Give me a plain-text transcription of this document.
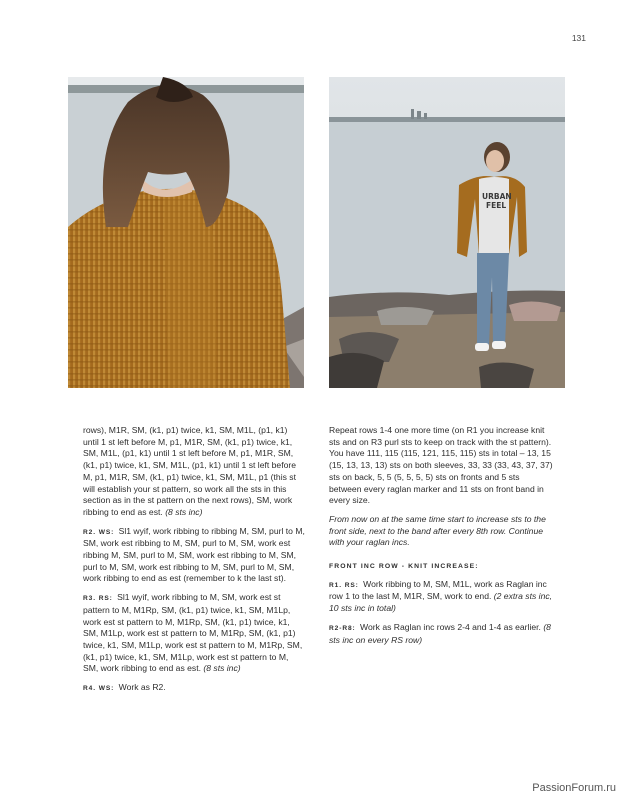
131
URBAN
FEEL

rows), M1R, SM, (k1, p1) twice, k1, SM, M1L, (p1, k1) until 1 st left before M, p1, M1R, SM, (k1, p1) twice, k1, SM, M1L, (p1, k1) until 1 st left before M, p1, M1R, SM, (k1, p1) twice, k1, SM, M1L, (p1, k1) until 1 st left before M, p1, M1R, SM, (k1, p1) twice, k1, SM, M1L, p1 (this st will establish your st pattern, so work all the sts in this section as in the st pattern on the next rows), SM, work ribbing to end as est. (8 sts inc)

R2. WS: Sl1 wyif, work ribbing to ribbing M, SM, purl to M, SM, work est ribbing to M, SM, purl to M, SM, work est ribbing M, SM, purl to M, SM, work est ribbing to M, SM, purl to M, SM, work est ribbing to M, SM, purl to M, SM, work ribbing to end as est (remember to k the last st).

R3. RS: Sl1 wyif, work ribbing to M, SM, work est st pattern to M, M1Rp, SM, (k1, p1) twice, k1, SM, M1Lp, work est st pattern to M, M1Rp, SM, (k1, p1) twice, k1, SM, M1Lp, work est st pattern to M, M1Rp, SM, (k1, p1) twice, k1, SM, M1Lp, work est st pattern to M, M1Rp, SM, (k1, p1) twice, k1, SM, M1Lp, work est st pattern to M, SM, work ribbing to end as est. (8 sts inc)

R4. WS: Work as R2.

Repeat rows 1-4 one more time (on R1 you increase knit sts and on R3 purl sts to keep on track with the st pattern). You have 111, 115 (115, 121, 115, 115) sts in total – 13, 15 (15, 13, 13, 13) sts on both sleeves, 33, 33 (33, 43, 37, 37) sts on back, 5, 5 (5, 5, 5, 5) sts on fronts and 5 sts between every raglan marker and 11 sts on front band in every size.

From now on at the same time start to increase sts to the front side, next to the band after every 8th row. Continue with your raglan incs.

FRONT INC ROW - KNIT INCREASE:

R1. RS: Work ribbing to M, SM, M1L, work as Raglan inc row 1 to the last M, M1R, SM, work to end. (2 extra sts inc, 10 sts inc in total)

R2-R8: Work as Raglan inc rows 2-4 and 1-4 as earlier. (8 sts inc on every RS row)

PassionForum.ru
